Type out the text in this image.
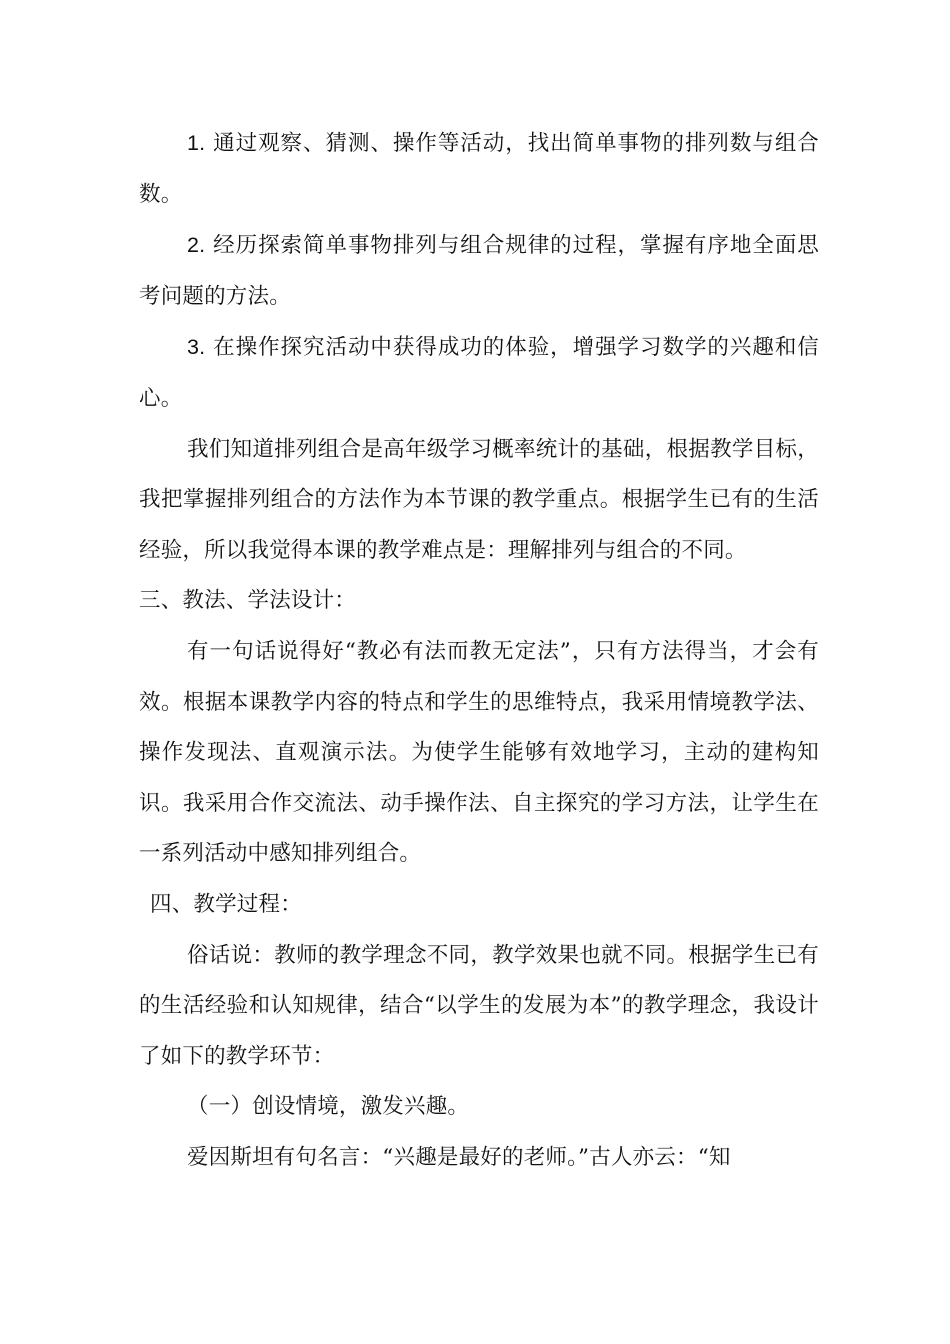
1. 通过观察、猜测、操作等活动，找出简单事物的排列数与组合数。

2. 经历探索简单事物排列与组合规律的过程，掌握有序地全面思考问题的方法。

3. 在操作探究活动中获得成功的体验，增强学习数学的兴趣和信心。

我们知道排列组合是高年级学习概率统计的基础，根据教学目标，我把掌握排列组合的方法作为本节课的教学重点。根据学生已有的生活经验，所以我觉得本课的教学难点是：理解排列与组合的不同。

三、教法、学法设计：

有一句话说得好“教必有法而教无定法”，只有方法得当，才会有效。根据本课教学内容的特点和学生的思维特点，我采用情境教学法、操作发现法、直观演示法。为使学生能够有效地学习，主动的建构知识。我采用合作交流法、动手操作法、自主探究的学习方法，让学生在一系列活动中感知排列组合。

四、教学过程：

俗话说：教师的教学理念不同，教学效果也就不同。根据学生已有的生活经验和认知规律，结合“以学生的发展为本”的教学理念，我设计了如下的教学环节：

（一）创设情境，激发兴趣。

爱因斯坦有句名言：“兴趣是最好的老师。”古人亦云：“知
